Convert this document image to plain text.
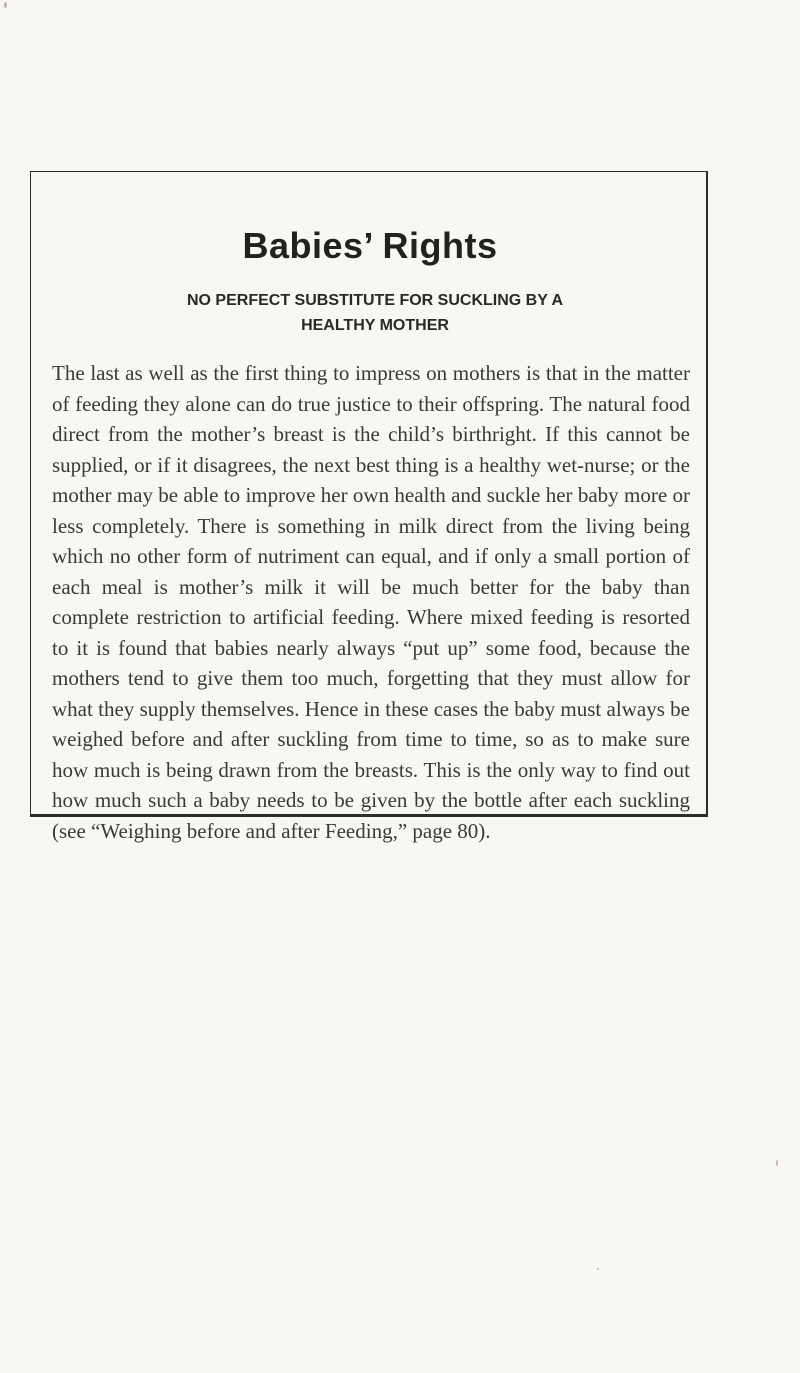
Babies’ Rights
NO PERFECT SUBSTITUTE FOR SUCKLING BY A
HEALTHY MOTHER

The last as well as the first thing to impress on mothers is that in the matter of feeding they alone can do true justice to their offspring. The natural food direct from the mother’s breast is the child’s birthright. If this cannot be supplied, or if it disagrees, the next best thing is a healthy wet-nurse; or the mother may be able to improve her own health and suckle her baby more or less completely. There is something in milk direct from the living being which no other form of nutriment can equal, and if only a small portion of each meal is mother’s milk it will be much better for the baby than complete restriction to artificial feeding. Where mixed feeding is resorted to it is found that babies nearly always “put up” some food, because the mothers tend to give them too much, forgetting that they must allow for what they supply themselves. Hence in these cases the baby must always be weighed before and after suckling from time to time, so as to make sure how much is being drawn from the breasts. This is the only way to find out how much such a baby needs to be given by the bottle after each suckling (see “Weighing before and after Feeding,” page 80).
